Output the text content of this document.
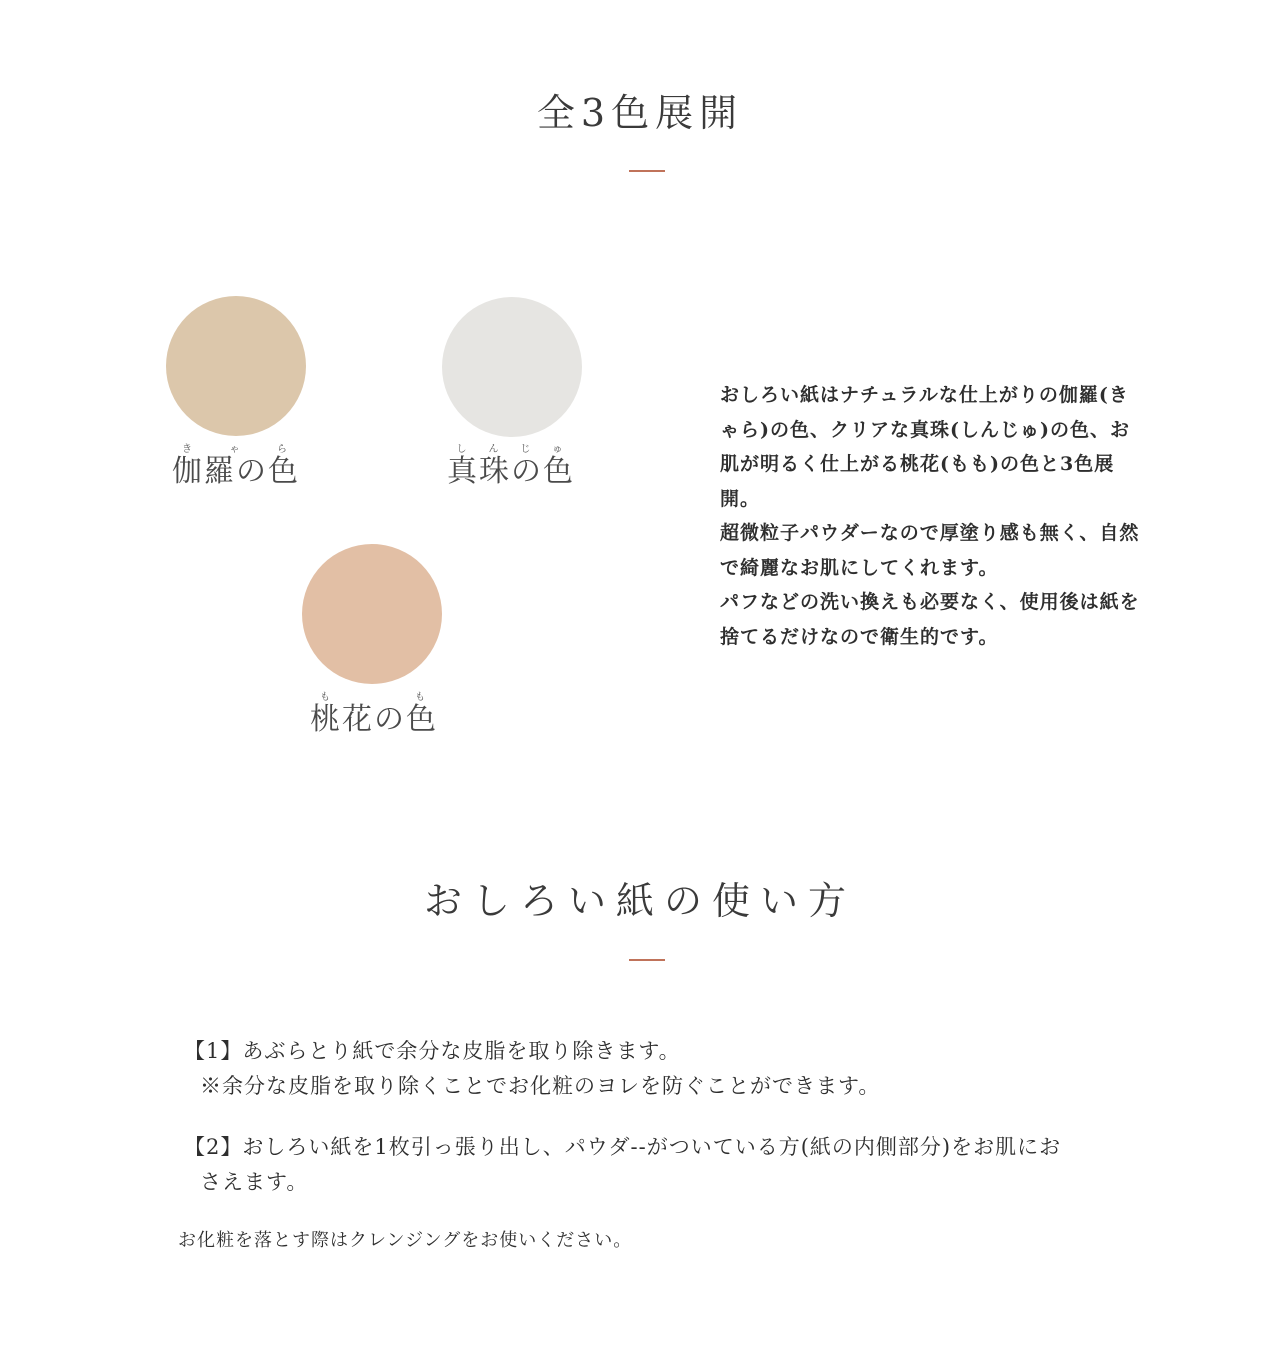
全3色展開
伽羅の色きゃら
真珠の色しんじゅ
桃花の色もも

おしろい紙はナチュラルな仕上がりの伽羅(きゃら)の色、クリアな真珠(しんじゅ)の色、お肌が明るく仕上がる桃花(もも)の色と3色展開。

超微粒子パウダーなので厚塗り感も無く、自然で綺麗なお肌にしてくれます。

パフなどの洗い換えも必要なく、使用後は紙を捨てるだけなので衛生的です。

おしろい紙の使い方

【1】あぶらとり紙で余分な皮脂を取り除きます。

※余分な皮脂を取り除くことでお化粧のヨレを防ぐことができます。

【2】おしろい紙を1枚引っ張り出し、パウダ--がついている方(紙の内側部分)をお肌にお

さえます。

お化粧を落とす際はクレンジングをお使いください。
